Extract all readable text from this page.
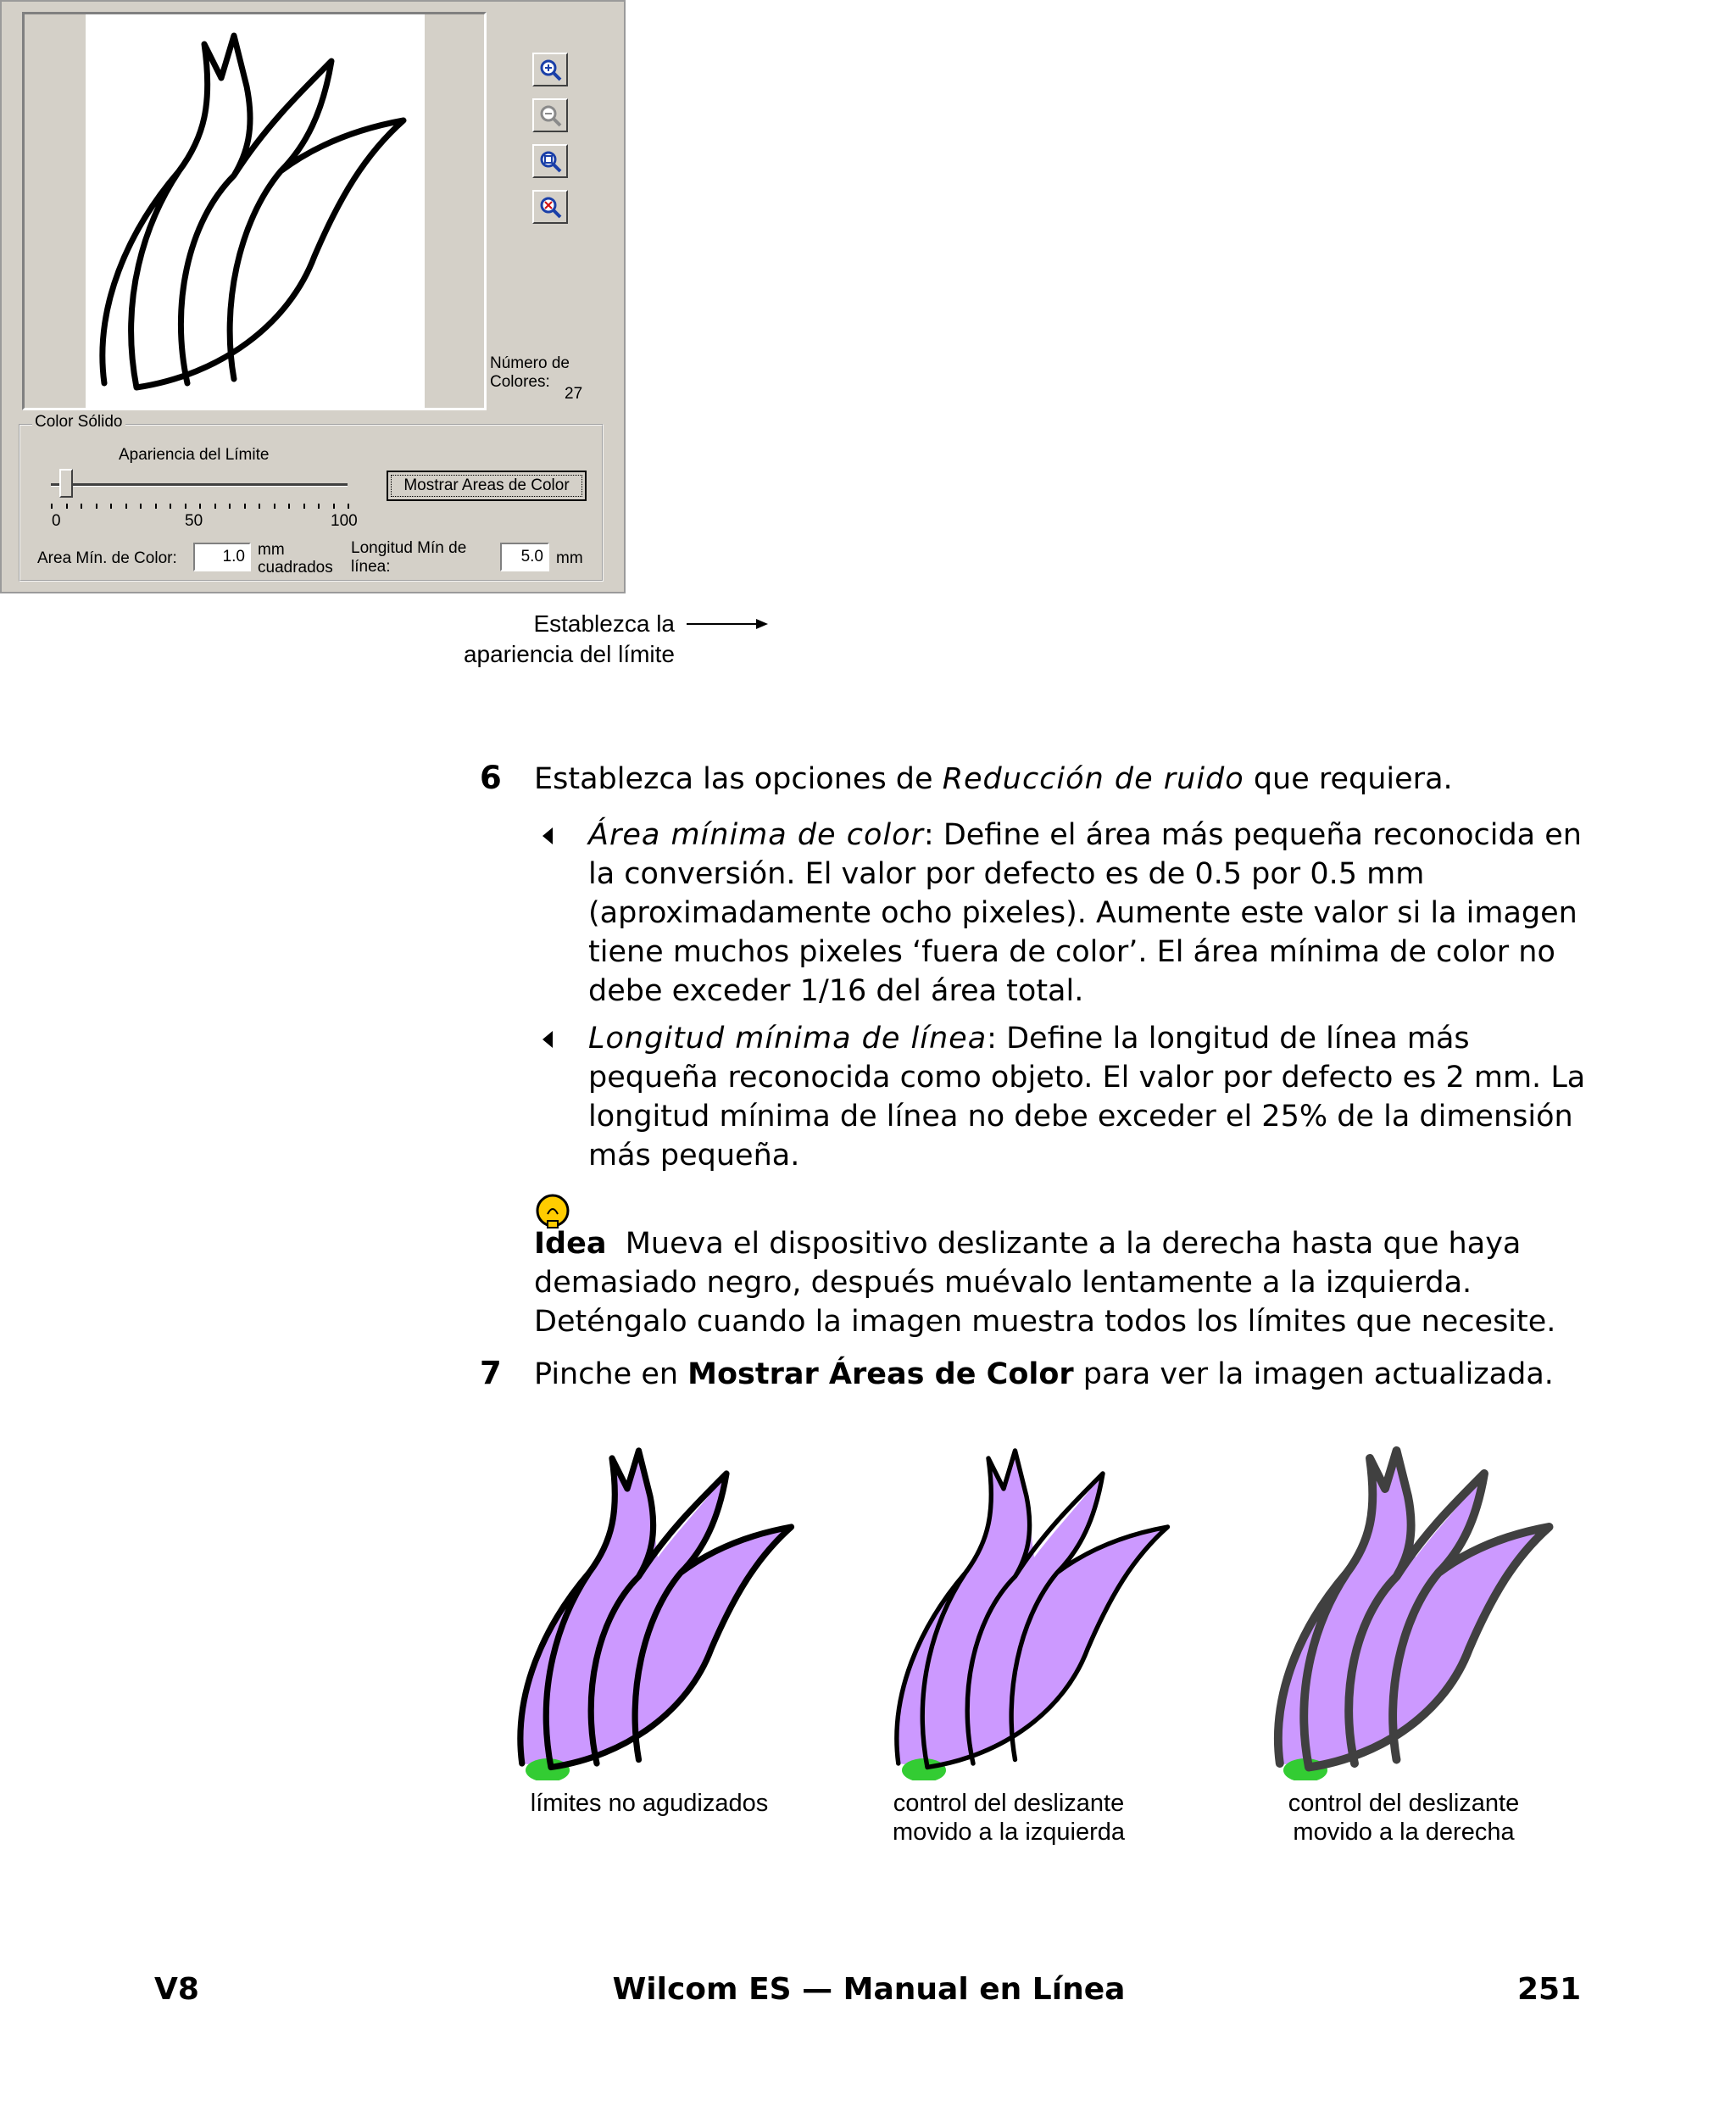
Número de Colores:
27
Color Sólido
Apariencia del Límite
0	50	100
Mostrar Areas de Color
Area Mín. de Color:
1.0	mm cuadrados
Longitud Mín de línea:
5.0	mm
Establezca la apariencia del límite
6 Establezca las opciones de Reducción de ruido que requiera.
Área mínima de color: Define el área más pequeña reconocida en la conversión. El valor por defecto es de 0.5 por 0.5 mm (aproximadamente ocho pixeles). Aumente este valor si la imagen tiene muchos pixeles ‘fuera de color’. El área mínima de color no debe exceder 1/16 del área total.
Longitud mínima de línea: Define la longitud de línea más pequeña reconocida como objeto. El valor por defecto es 2 mm. La longitud mínima de línea no debe exceder el 25% de la dimensión más pequeña.
Idea Mueva el dispositivo deslizante a la derecha hasta que haya demasiado negro, después muévalo lentamente a la izquierda. Deténgalo cuando la imagen muestra todos los límites que necesite.
7 Pinche en Mostrar Áreas de Color para ver la imagen actualizada.
límites no agudizados	control del deslizante movido a la izquierda
control del deslizante movido a la derecha
V8	Wilcom ES — Manual en Línea	251
